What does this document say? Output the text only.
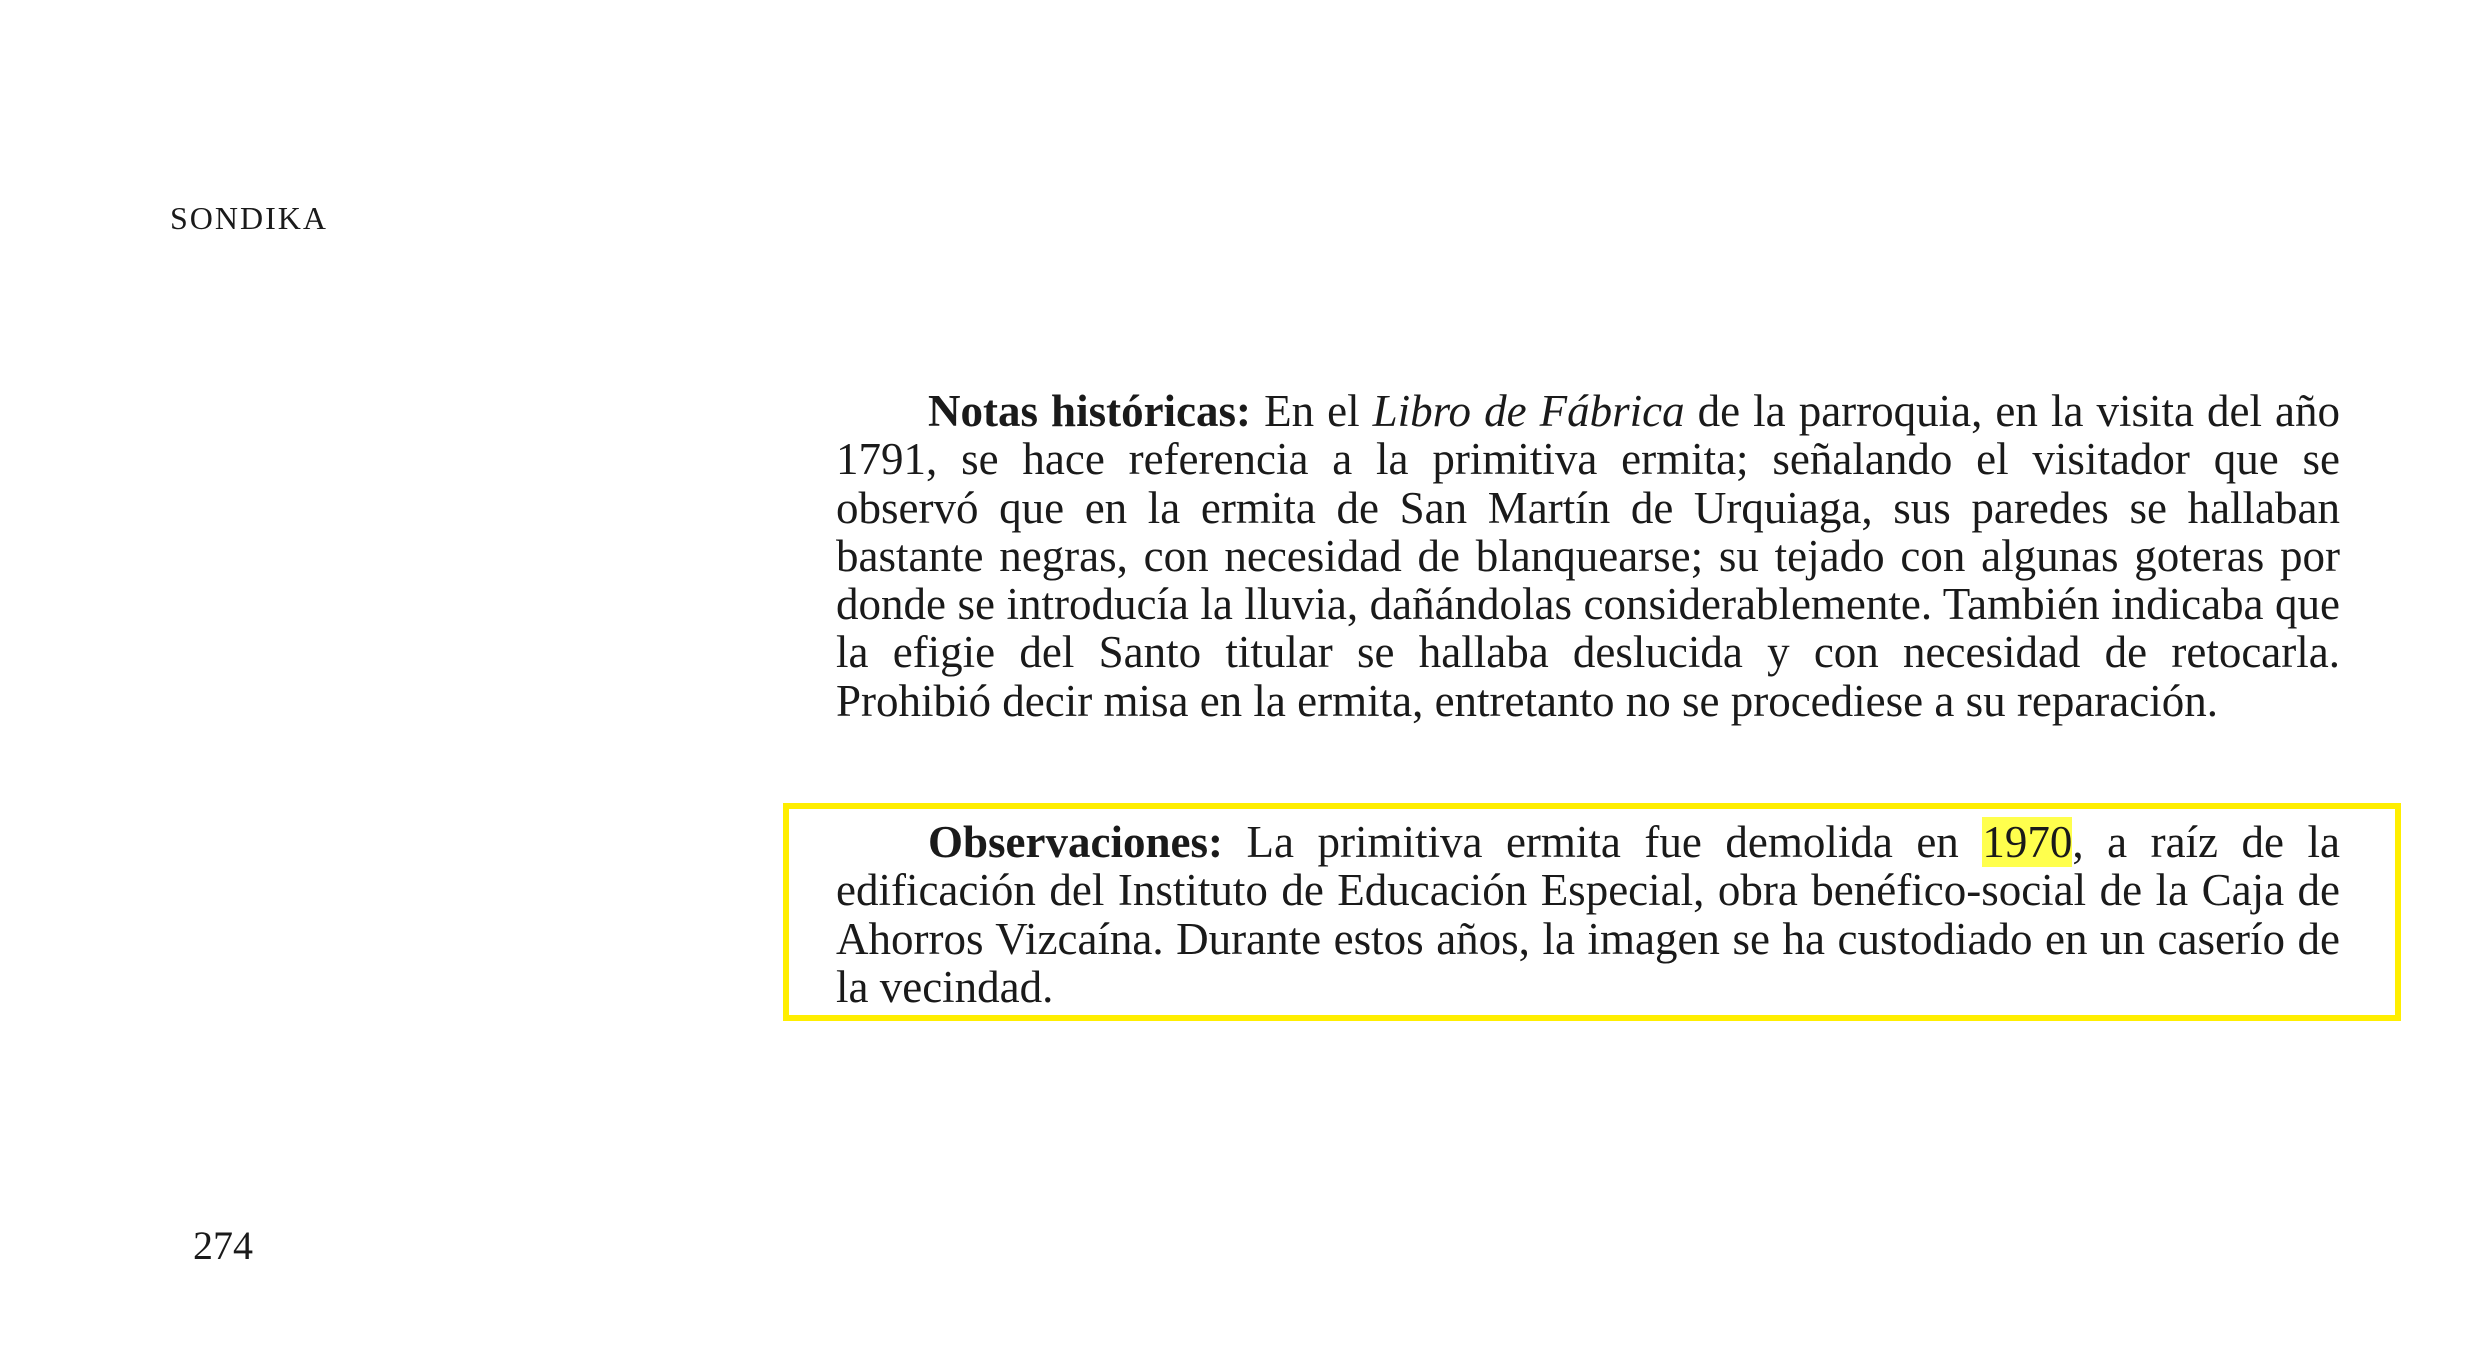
SONDIKA

Notas históricas: En el Libro de Fábrica de la parroquia, en la visita del año 1791, se hace referencia a la primitiva ermita; señalando el visitador que se observó que en la ermita de San Martín de Urquiaga, sus paredes se hallaban bastante negras, con necesidad de blanquearse; su tejado con algunas goteras por donde se introducía la lluvia, dañándolas considerablemente. También indicaba que la efigie del Santo titular se hallaba deslucida y con necesidad de retocarla. Prohibió decir misa en la ermita, entretanto no se procediese a su reparación.

Observaciones: La primitiva ermita fue demolida en 1970, a raíz de la edificación del Instituto de Educación Especial, obra benéfico-social de la Caja de Ahorros Vizcaína. Durante estos años, la imagen se ha custodiado en un caserío de la vecindad.

274
